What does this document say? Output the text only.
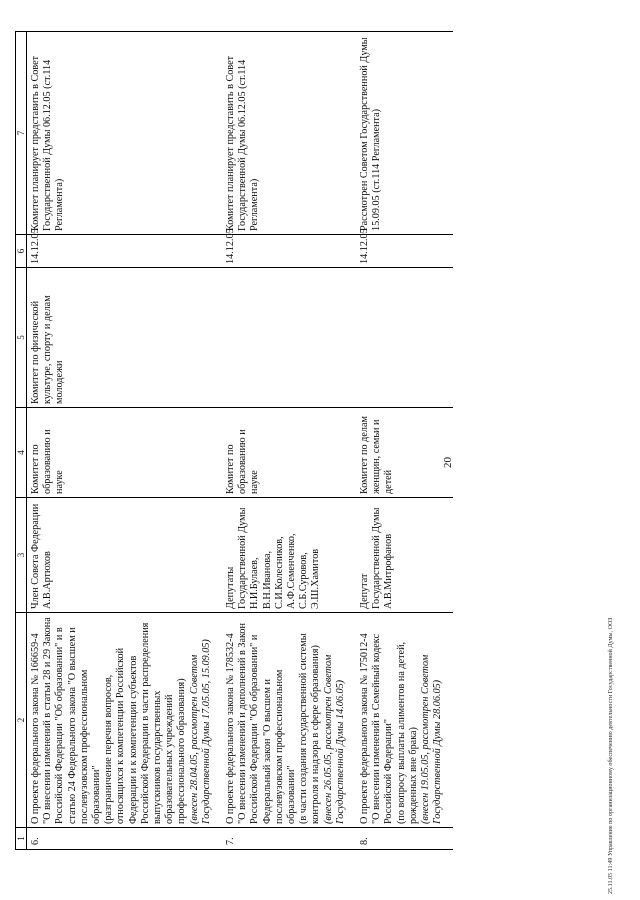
1	2	3	4	5	6	7
6.	О проекте федерального закона № 166659-4 "О внесении изменений в статьи 28 и 29 Закона Российской Федерации "Об образовании" и в статью 24 Федерального закона "О высшем и послевузовском профессиональном образовании" (разграничение перечня вопросов, относящихся к компетенции Российской Федерации и к компетенции субъектов Российской Федерации в части распределения выпускников государственных образовательных учреждений профессионального образования) (внесен 28.04.05, рассмотрен Советом Государственной Думы 17.05.05, 15.09.05)	Член Совета Федерации А.В.Артюхов	Комитет по образованию и науке	Комитет по физической культуре, спорту и делам молодежи	14.12.05	Комитет планирует представить в Совет Государственной Думы 06.12.05 (ст.114 Регламента)
7.	О проекте федерального закона № 178532-4 "О внесении изменений и дополнений в Закон Российской Федерации "Об образовании" и Федеральный закон "О высшем и послевузовском профессиональном образовании" (в части создания государственной системы контроля и надзора в сфере образования) (внесен 26.05.05, рассмотрен Советом Государственной Думы 14.06.05)	Депутаты Государственной Думы Н.И.Булаев, В.Н.Иванова, С.И.Колесников, А.Ф.Семенченко, С.Б.Суровов, Э.Ш.Хамитов	Комитет по образованию и науке		14.12.05	Комитет планирует представить в Совет Государственной Думы 06.12.05 (ст.114 Регламента)
8.	О проекте федерального закона № 175012-4 "О внесении изменений в Семейный кодекс Российской Федерации" (по вопросу выплаты алиментов на детей, рожденных вне брака) (внесен 19.05.05, рассмотрен Советом Государственной Думы 28.06.05)	Депутат Государственной Думы А.В.Митрофанов	Комитет по делам женщин, семьи и детей		14.12.05	Рассмотрен Советом Государственной Думы 15.09.05 (ст.114 Регламента)
20
25.11.05 11:49 Управление по организационному обеспечению деятельности Государственной Думы, ООЗ
